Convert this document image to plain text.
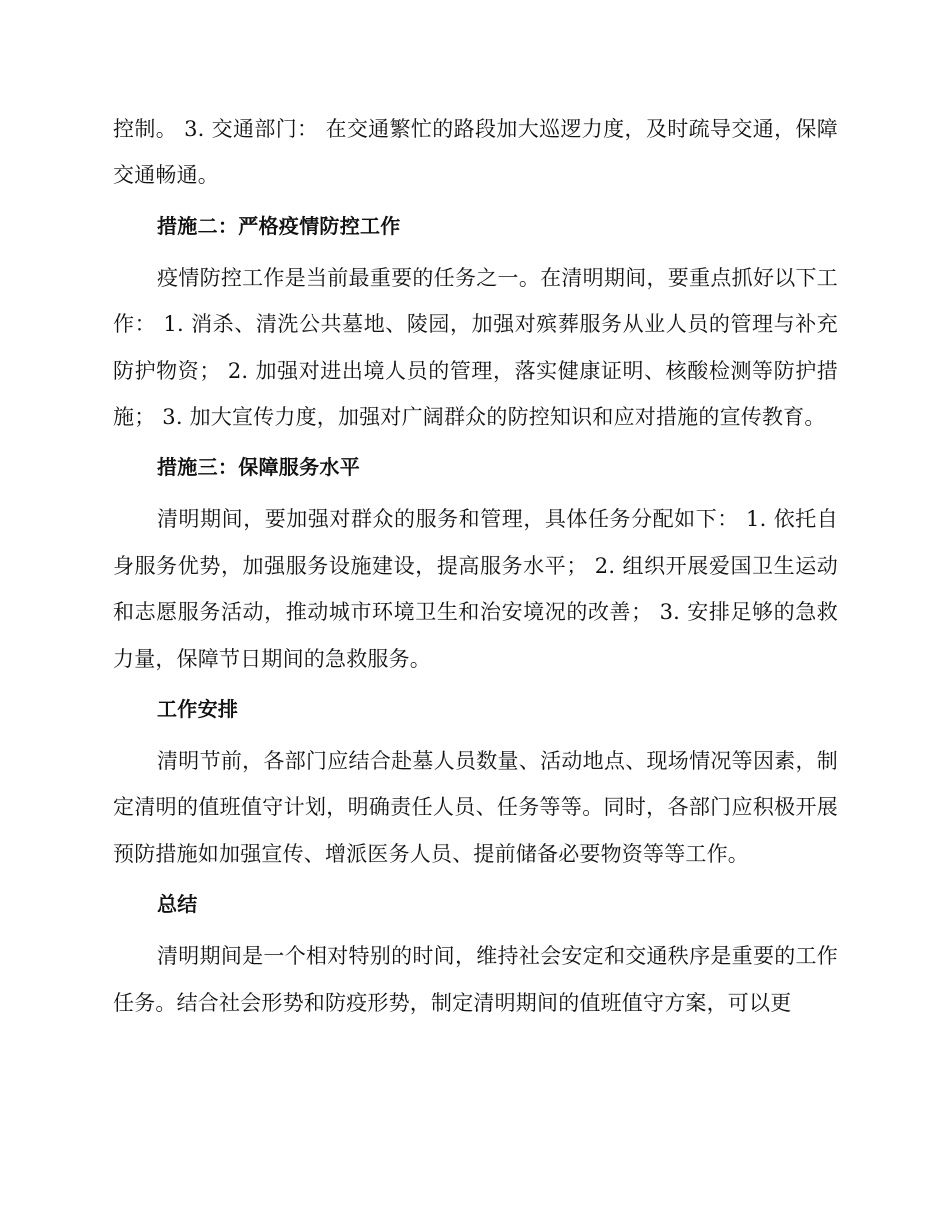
控制。 3. 交通部门： 在交通繁忙的路段加大巡逻力度，及时疏导交通，保障交通畅通。

措施二：严格疫情防控工作

疫情防控工作是当前最重要的任务之一。在清明期间，要重点抓好以下工作： 1. 消杀、清洗公共墓地、陵园，加强对殡葬服务从业人员的管理与补充防护物资； 2. 加强对进出境人员的管理，落实健康证明、核酸检测等防护措施； 3. 加大宣传力度，加强对广阔群众的防控知识和应对措施的宣传教育。

措施三：保障服务水平

清明期间，要加强对群众的服务和管理，具体任务分配如下： 1. 依托自身服务优势，加强服务设施建设，提高服务水平； 2. 组织开展爱国卫生运动和志愿服务活动，推动城市环境卫生和治安境况的改善； 3. 安排足够的急救力量，保障节日期间的急救服务。

工作安排

清明节前，各部门应结合赴墓人员数量、活动地点、现场情况等因素，制定清明的值班值守计划，明确责任人员、任务等等。同时，各部门应积极开展预防措施如加强宣传、增派医务人员、提前储备必要物资等等工作。

总结

清明期间是一个相对特别的时间，维持社会安定和交通秩序是重要的工作任务。结合社会形势和防疫形势，制定清明期间的值班值守方案，可以更
